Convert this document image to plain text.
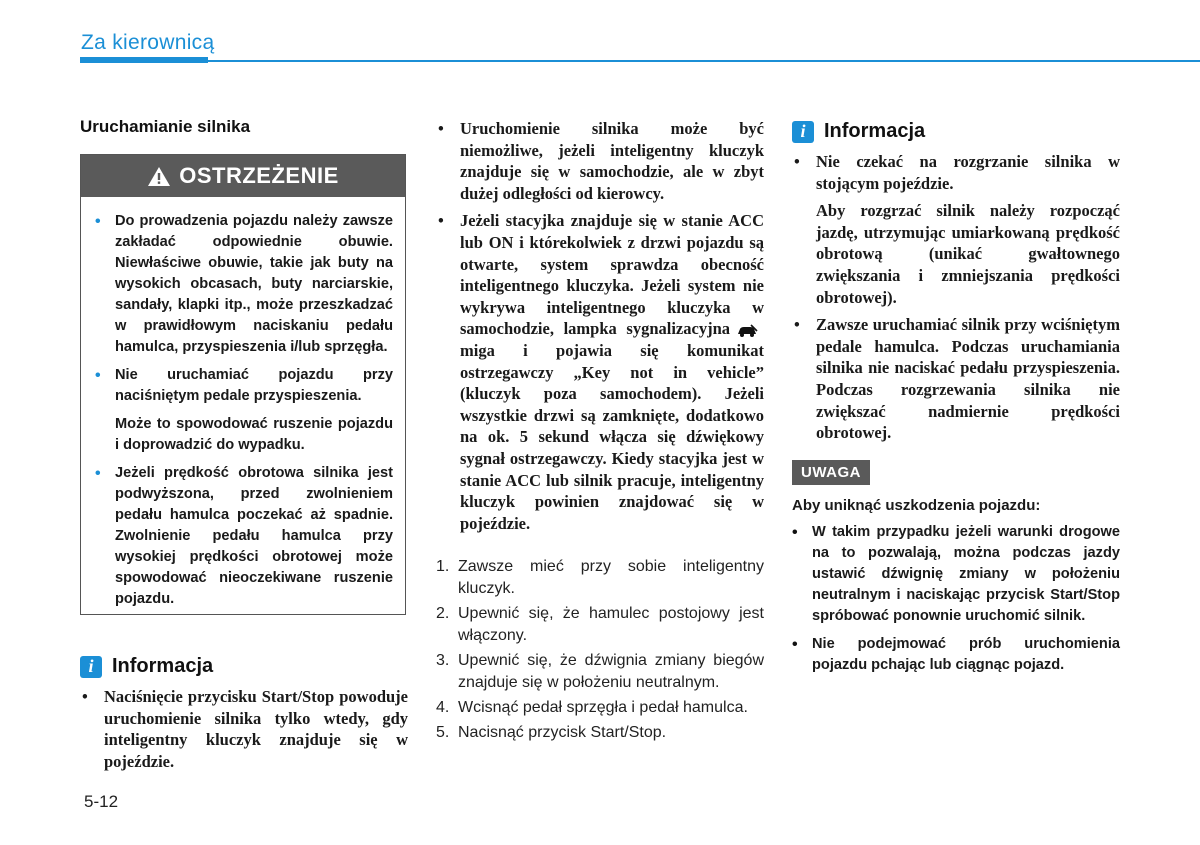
Za kierownicą
Uruchamianie silnika
OSTRZEŻENIE
• Do prowadzenia pojazdu należy zawsze zakładać odpowiednie obuwie. Niewłaściwe obuwie, takie jak buty na wysokich obcasach, buty narciarskie, sandały, klapki itp., może przeszkadzać w prawidłowym naciskaniu pedału hamulca, przyspieszenia i/lub sprzęgła.
• Nie uruchamiać pojazdu przy naciśniętym pedale przyspieszenia.
Może to spowodować ruszenie pojazdu i doprowadzić do wypadku.
• Jeżeli prędkość obrotowa silnika jest podwyższona, przed zwolnieniem pedału hamulca poczekać aż spadnie. Zwolnienie pedału hamulca przy wysokiej prędkości obrotowej może spowodować nieoczekiwane ruszenie pojazdu.
i Informacja
• Naciśnięcie przycisku Start/Stop powoduje uruchomienie silnika tylko wtedy, gdy inteligentny kluczyk znajduje się w pojeździe.
5-12
• Uruchomienie silnika może być niemożliwe, jeżeli inteligentny kluczyk znajduje się w samochodzie, ale w zbyt dużej odległości od kierowcy.
• Jeżeli stacyjka znajduje się w stanie ACC lub ON i którekolwiek z drzwi pojazdu są otwarte, system sprawdza obecność inteligentnego kluczyka. Jeżeli system nie wykrywa inteligentnego kluczyka w samochodzie, lampka sygnalizacyjnamiga i pojawia się komunikat ostrzegawczy „Key not in vehicle” (kluczyk poza samochodem). Jeżeli wszystkie drzwi są zamknięte, dodatkowo na ok. 5 sekund włącza się dźwiękowy sygnał ostrzegawczy. Kiedy stacyjka jest w stanie ACC lub silnik pracuje, inteligentny kluczyk powinien znajdować się w pojeździe.
1. Zawsze mieć przy sobie inteligentny kluczyk.
2. Upewnić się, że hamulec postojowy jest włączony.
3. Upewnić się, że dźwignia zmiany biegów znajduje się w położeniu neutralnym.
4. Wcisnąć pedał sprzęgła i pedał hamulca.
5. Nacisnąć przycisk Start/Stop.
i Informacja
• Nie czekać na rozgrzanie silnika w stojącym pojeździe.
Aby rozgrzać silnik należy rozpocząć jazdę, utrzymując umiarkowaną prędkość obrotową (unikać gwałtownego zwiększania i zmniejszania prędkości obrotowej).
• Zawsze uruchamiać silnik przy wciśniętym pedale hamulca. Podczas uruchamiania silnika nie naciskać pedału przyspieszenia. Podczas rozgrzewania silnika nie zwiększać nadmiernie prędkości obrotowej.
UWAGA
Aby uniknąć uszkodzenia pojazdu:
• W takim przypadku jeżeli warunki drogowe na to pozwalają, można podczas jazdy ustawić dźwignię zmiany w położeniu neutralnym i naciskając przycisk Start/Stop spróbować ponownie uruchomić silnik.
• Nie podejmować prób uruchomienia pojazdu pchając lub ciągnąc pojazd.
